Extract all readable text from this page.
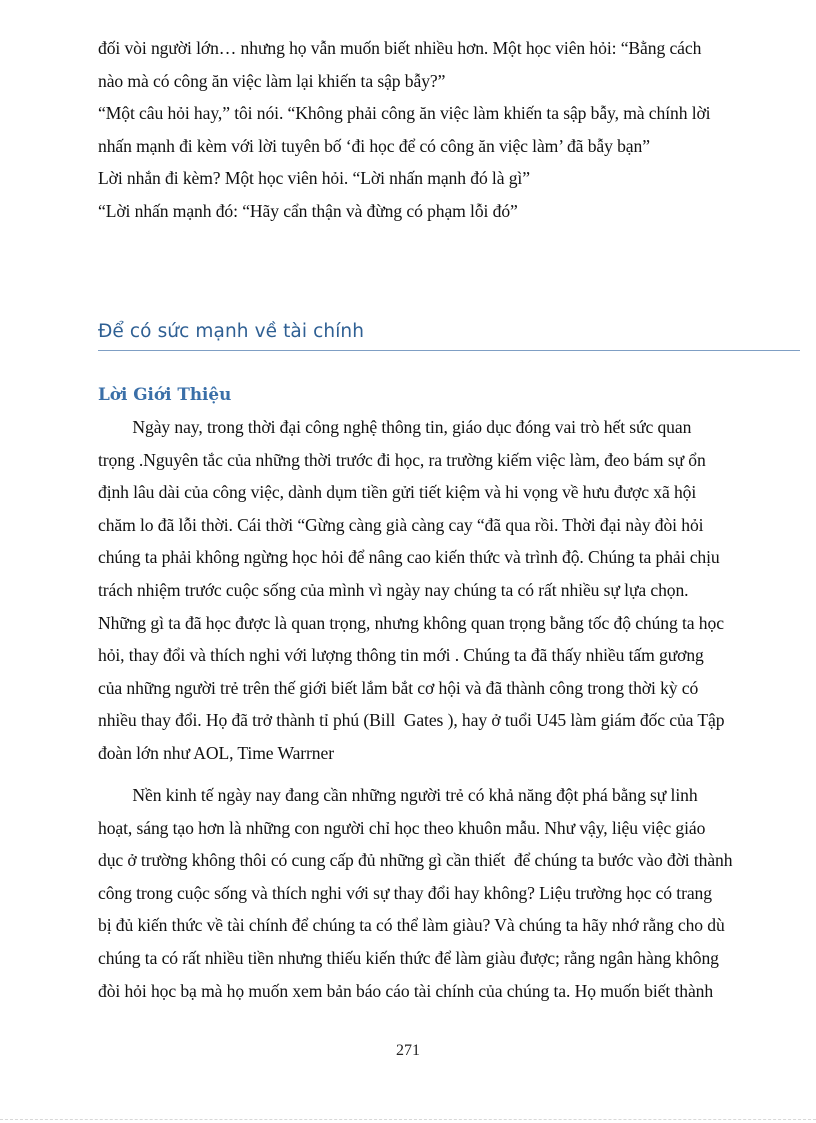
đối vòi người lớn… nhưng họ vẫn muốn biết nhiều hơn. Một học viên hỏi: “Bằng cách
nào mà có công ăn việc làm lại khiến ta sập bẫy?”
“Một câu hỏi hay,” tôi nói. “Không phải công ăn việc làm khiến ta sập bẫy, mà chính lời
nhấn mạnh đi kèm với lời tuyên bố ‘đi học để có công ăn việc làm’ đã bẫy bạn”
Lời nhắn đi kèm? Một học viên hỏi. “Lời nhấn mạnh đó là gì”
“Lời nhấn mạnh đó: “Hãy cẩn thận và đừng có phạm lỗi đó”
Để có sức mạnh về tài chính
Lời Giới Thiệu
Ngày nay, trong thời đại công nghệ thông tin, giáo dục đóng vai trò hết sức quan
trọng .Nguyên tắc của những thời trước đi học, ra trường kiếm việc làm, đeo bám sự ổn
định lâu dài của công việc, dành dụm tiền gửi tiết kiệm và hi vọng về hưu được xã hội
chăm lo đã lỗi thời. Cái thời “Gừng càng già càng cay “đã qua rồi. Thời đại này đòi hỏi
chúng ta phải không ngừng học hỏi để nâng cao kiến thức và trình độ. Chúng ta phải chịu
trách nhiệm trước cuộc sống của mình vì ngày nay chúng ta có rất nhiều sự lựa chọn.
Những gì ta đã học được là quan trọng, nhưng không quan trọng bằng tốc độ chúng ta học
hỏi, thay đổi và thích nghi với lượng thông tin mới . Chúng ta đã thấy nhiều tấm gương
của những người trẻ trên thế giới biết lắm bắt cơ hội và đã thành công trong thời kỳ có
nhiều thay đổi. Họ đã trở thành tỉ phú (Bill  Gates ), hay ở tuổi U45 làm giám đốc của Tập
đoàn lớn như AOL, Time Warrner
Nền kinh tế ngày nay đang cần những người trẻ có khả năng đột phá bằng sự linh
hoạt, sáng tạo hơn là những con người chỉ học theo khuôn mẫu. Như vậy, liệu việc giáo
dục ở trường không thôi có cung cấp đủ những gì cần thiết  để chúng ta bước vào đời thành
công trong cuộc sống và thích nghi với sự thay đổi hay không? Liệu trường học có trang
bị đủ kiến thức về tài chính để chúng ta có thể làm giàu? Và chúng ta hãy nhớ rằng cho dù
chúng ta có rất nhiều tiền nhưng thiếu kiến thức để làm giàu được; rằng ngân hàng không
đòi hỏi học bạ mà họ muốn xem bản báo cáo tài chính của chúng ta. Họ muốn biết thành
271
